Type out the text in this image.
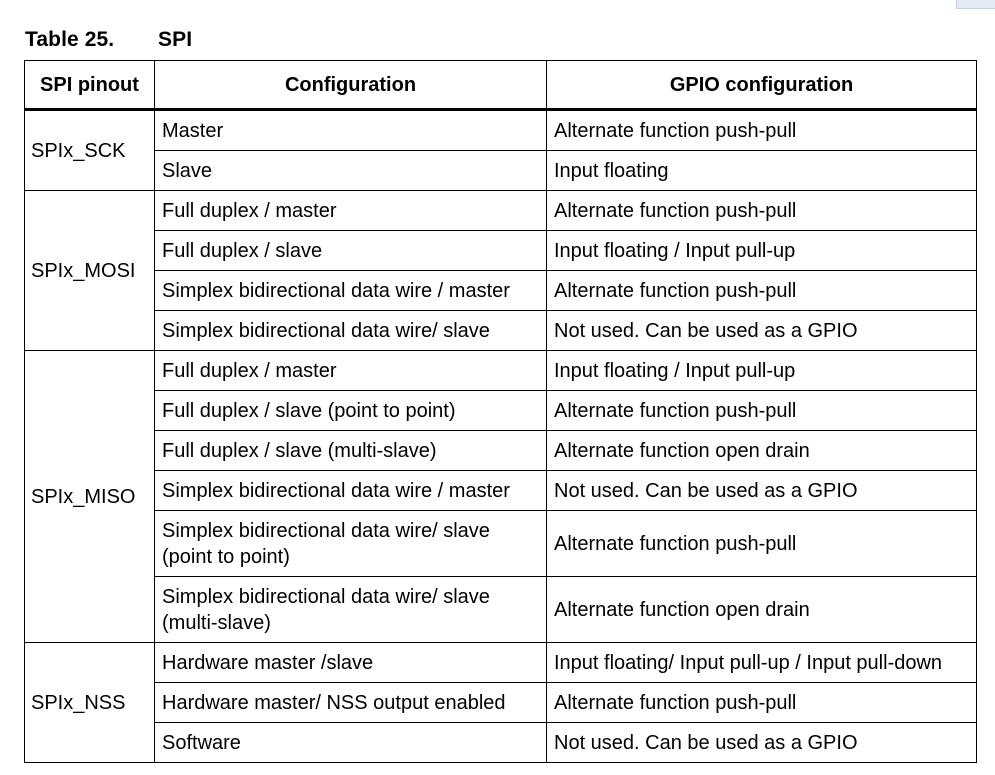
Table 25. SPI
SPI pinout	Configuration	GPIO configuration
SPIx_SCK	Master	Alternate function push-pull
	Slave	Input floating
SPIx_MOSI	Full duplex / master	Alternate function push-pull
	Full duplex / slave	Input floating / Input pull-up
	Simplex bidirectional data wire / master	Alternate function push-pull
	Simplex bidirectional data wire/ slave	Not used. Can be used as a GPIO
SPIx_MISO	Full duplex / master	Input floating / Input pull-up
	Full duplex / slave (point to point)	Alternate function push-pull
	Full duplex / slave (multi-slave)	Alternate function open drain
	Simplex bidirectional data wire / master	Not used. Can be used as a GPIO
	Simplex bidirectional data wire/ slave (point to point)	Alternate function push-pull
	Simplex bidirectional data wire/ slave (multi-slave)	Alternate function open drain
SPIx_NSS	Hardware master /slave	Input floating/ Input pull-up / Input pull-down
	Hardware master/ NSS output enabled	Alternate function push-pull
	Software	Not used. Can be used as a GPIO
